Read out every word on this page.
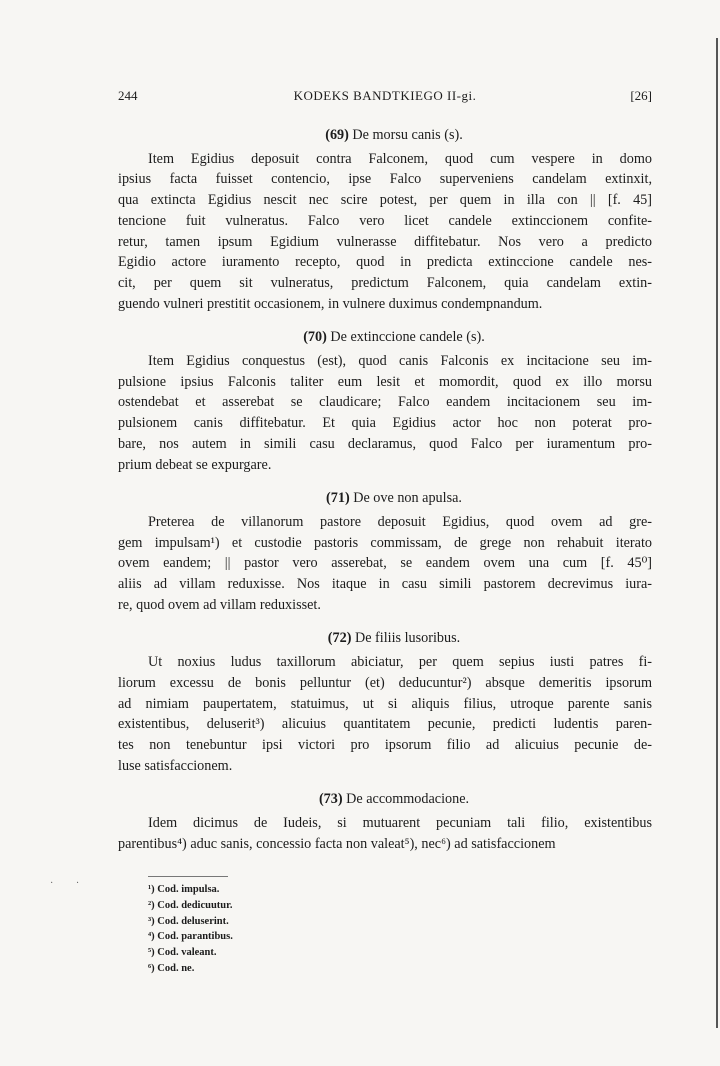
244	KODEKS BANDTKIEGO II-gi.	[26]

(69) De morsu canis (s).

Item Egidius deposuit contra Falconem, quod cum vespere in domo
ipsius facta fuisset contencio, ipse Falco superveniens candelam extinxit,
qua extincta Egidius nescit nec scire potest, per quem in illa con || [f. 45]
tencione fuit vulneratus. Falco vero licet candele extinccionem confite-
retur, tamen ipsum Egidium vulnerasse diffitebatur. Nos vero a predicto
Egidio actore iuramento recepto, quod in predicta extinccione candele nes-
cit, per quem sit vulneratus, predictum Falconem, quia candelam extin-
guendo vulneri prestitit occasionem, in vulnere duximus condempnandum.

(70) De extinccione candele (s).

Item Egidius conquestus (est), quod canis Falconis ex incitacione seu im-
pulsione ipsius Falconis taliter eum lesit et momordit, quod ex illo morsu
ostendebat et asserebat se claudicare; Falco eandem incitacionem seu im-
pulsionem canis diffitebatur. Et quia Egidius actor hoc non poterat pro-
bare, nos autem in simili casu declaramus, quod Falco per iuramentum pro-
prium debeat se expurgare.

(71) De ove non apulsa.

Preterea de villanorum pastore deposuit Egidius, quod ovem ad gre-
gem impulsam¹) et custodie pastoris commissam, de grege non rehabuit iterato
ovem eandem; || pastor vero asserebat, se eandem ovem una cum [f. 45⁰]
aliis ad villam reduxisse. Nos itaque in casu simili pastorem decrevimus iura-
re, quod ovem ad villam reduxisset.

(72) De filiis lusoribus.

Ut noxius ludus taxillorum abiciatur, per quem sepius iusti patres fi-
liorum excessu de bonis pelluntur (et) deducuntur²) absque demeritis ipsorum
ad nimiam paupertatem, statuimus, ut si aliquis filius, utroque parente sanis
existentibus, deluserit³) alicuius quantitatem pecunie, predicti ludentis paren-
tes non tenebuntur ipsi victori pro ipsorum filio ad alicuius pecunie de-
luse satisfaccionem.

(73) De accommodacione.

Idem dicimus de Iudeis, si mutuarent pecuniam tali filio, existentibus
parentibus⁴) aduc sanis, concessio facta non valeat⁵), nec⁶) ad satisfaccionem
·         ·
¹) Cod. impulsa.
²) Cod. dedicuutur.
³) Cod. deluserint.
⁴) Cod. parantibus.
⁵) Cod. valeant.
⁶) Cod. ne.
